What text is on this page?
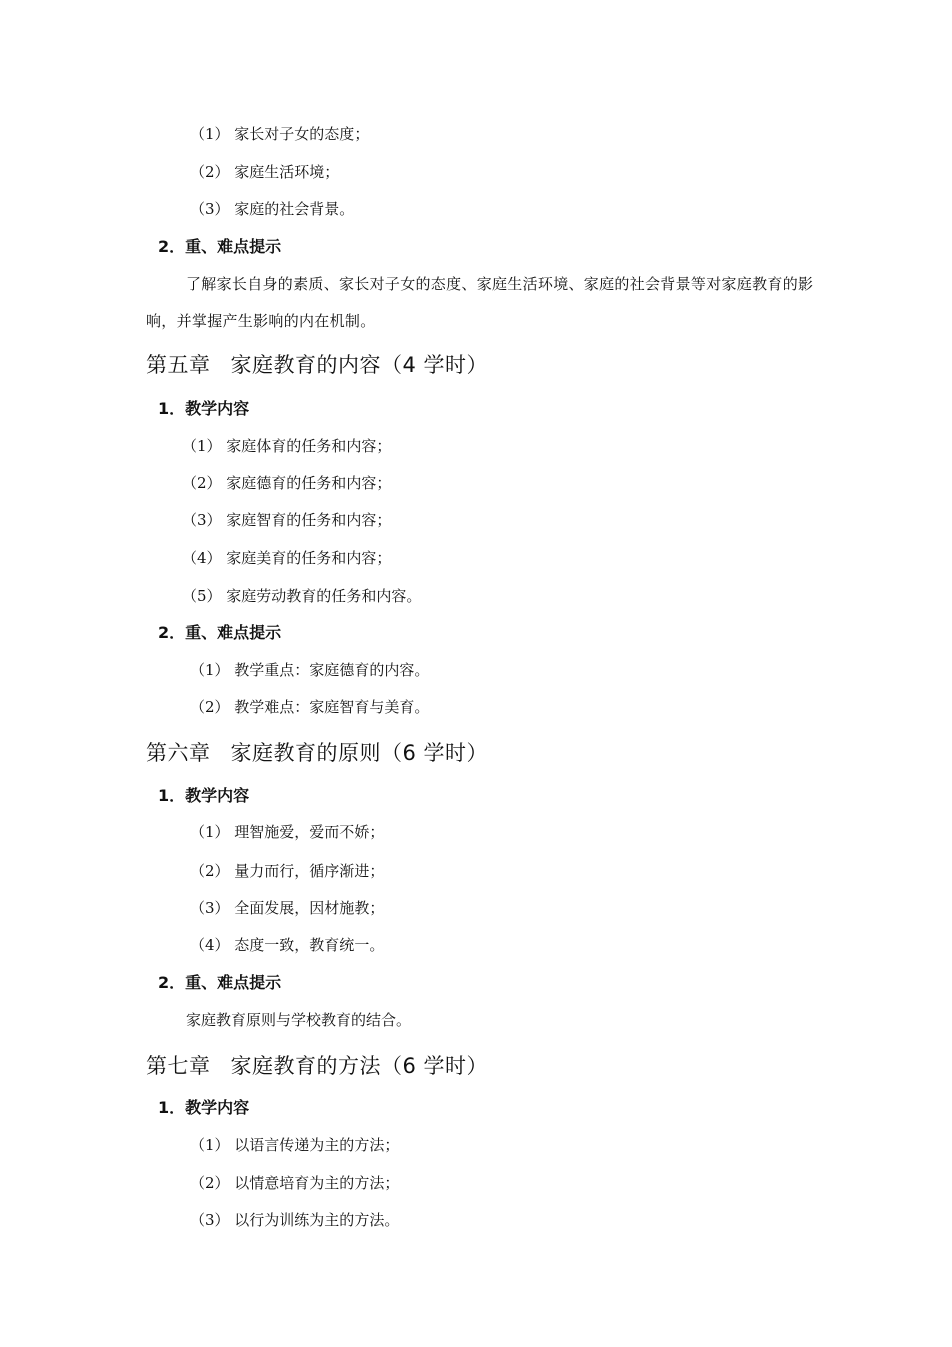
（1） 家长对子女的态度；
（2） 家庭生活环境；
（3） 家庭的社会背景。
2．重、难点提示
了解家长自身的素质、家长对子女的态度、家庭生活环境、家庭的社会背景等对家庭教育的影响，并掌握产生影响的内在机制。
第五章 家庭教育的内容（4 学时）
1．教学内容
（1） 家庭体育的任务和内容；
（2） 家庭德育的任务和内容；
（3） 家庭智育的任务和内容；
（4） 家庭美育的任务和内容；
（5） 家庭劳动教育的任务和内容。
2．重、难点提示
（1） 教学重点：家庭德育的内容。
（2） 教学难点：家庭智育与美育。
第六章 家庭教育的原则（6 学时）
1．教学内容
（1） 理智施爱，爱而不娇；
（2） 量力而行，循序渐进；
（3） 全面发展，因材施教；
（4） 态度一致，教育统一。
2．重、难点提示
家庭教育原则与学校教育的结合。
第七章 家庭教育的方法（6 学时）
1．教学内容
（1） 以语言传递为主的方法；
（2） 以情意培育为主的方法；
（3） 以行为训练为主的方法。
